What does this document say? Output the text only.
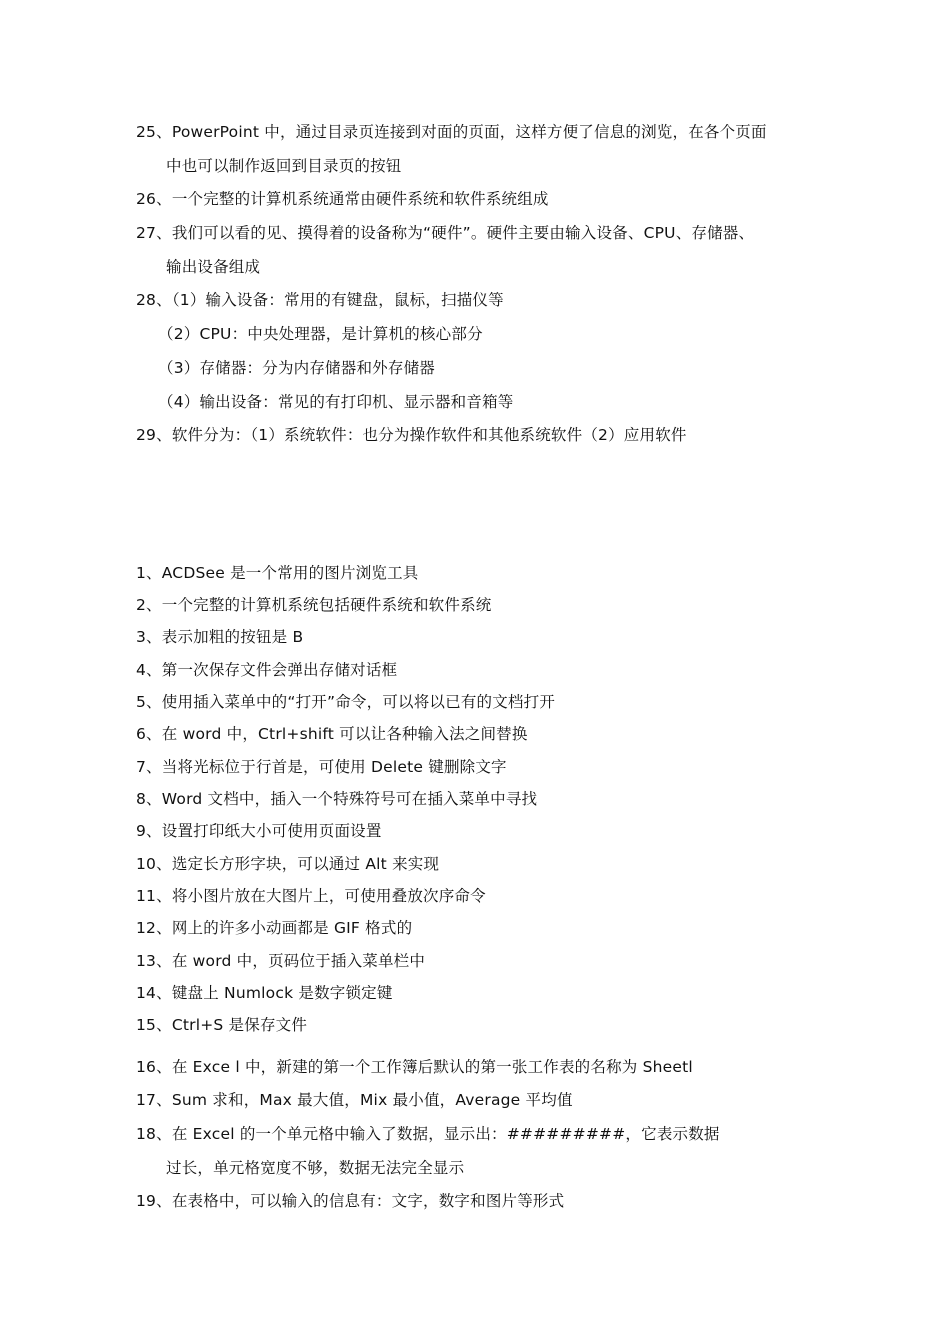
25、PowerPoint 中，通过目录页连接到对面的页面，这样方便了信息的浏览，在各个页面
中也可以制作返回到目录页的按钮
26、一个完整的计算机系统通常由硬件系统和软件系统组成
27、我们可以看的见、摸得着的设备称为“硬件”。硬件主要由输入设备、CPU、存储器、
输出设备组成
28、（1）输入设备：常用的有键盘，鼠标，扫描仪等
（2）CPU：中央处理器，是计算机的核心部分
（3）存储器：分为内存储器和外存储器
（4）输出设备：常见的有打印机、显示器和音箱等
29、软件分为：（1）系统软件：也分为操作软件和其他系统软件（2）应用软件
1、ACDSee 是一个常用的图片浏览工具
2、一个完整的计算机系统包括硬件系统和软件系统
3、表示加粗的按钮是 B
4、第一次保存文件会弹出存储对话框
5、使用插入菜单中的“打开”命令，可以将以已有的文档打开
6、在 word 中，Ctrl+shift 可以让各种输入法之间替换
7、当将光标位于行首是，可使用 Delete 键删除文字
8、Word 文档中，插入一个特殊符号可在插入菜单中寻找
9、设置打印纸大小可使用页面设置
10、选定长方形字块，可以通过 Alt 来实现
11、将小图片放在大图片上，可使用叠放次序命令
12、网上的许多小动画都是 GIF 格式的
13、在 word 中，页码位于插入菜单栏中
14、键盘上 Numlock 是数字锁定键
15、Ctrl+S 是保存文件
16、在 Exce l 中，新建的第一个工作簿后默认的第一张工作表的名称为 Sheetl
17、Sum 求和，Max 最大值，Mix 最小值，Average 平均值
18、在 Excel 的一个单元格中输入了数据，显示出：#########，它表示数据
过长，单元格宽度不够，数据无法完全显示
19、在表格中，可以输入的信息有：文字，数字和图片等形式
